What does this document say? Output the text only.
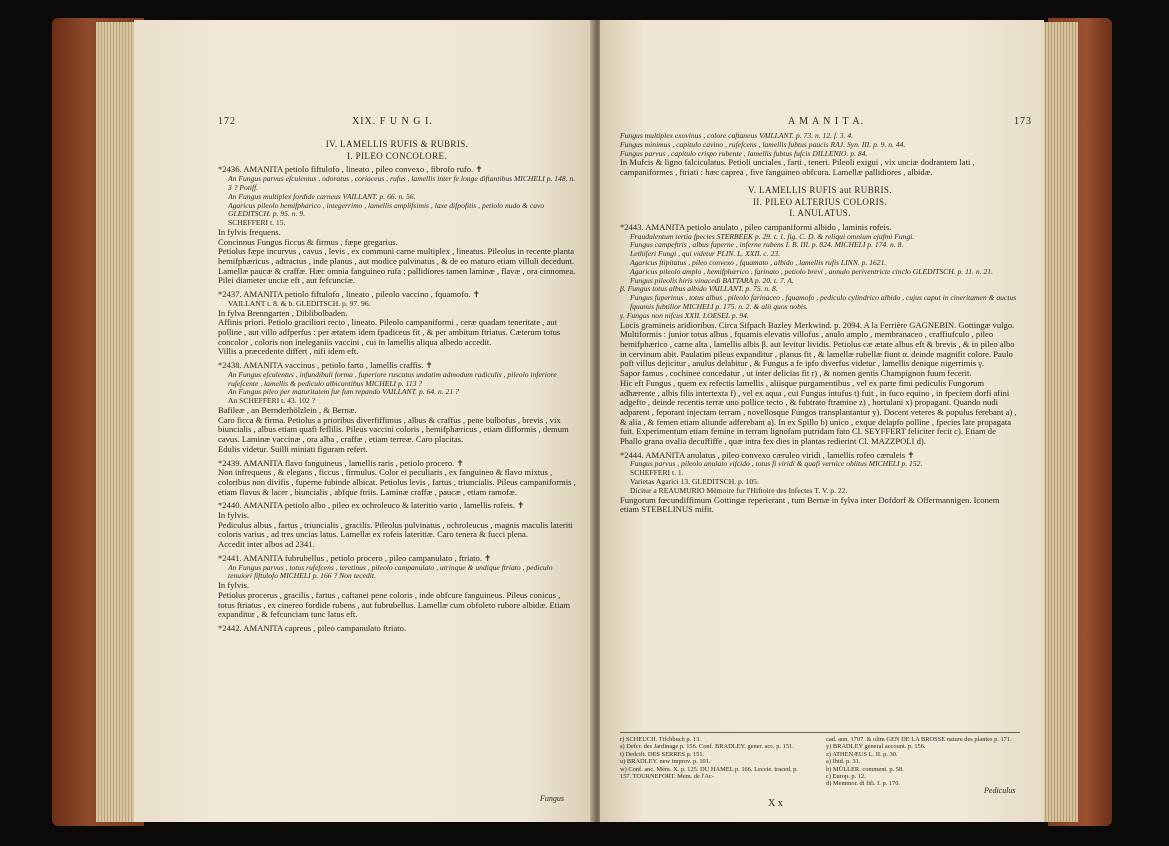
172	XIX. F U N G I.

IV. LAMELLIS RUFIS & RUBRIS.

I. PILEO CONCOLORE.

*2436. AMANITA petiolo fiftulofo , lineato , pileo convexo , fibrofo rufo. ✝

An Fungus parvus efculentus , odoratus , coriaceus , rufus , lamellis inter fe longe diftantibus MICHELI p. 148. n. 3 ? Potiff.

An Fungus multiplex fordide carneus VAILLANT. p. 66. n. 56.

Agaricus pileolo hemifpharico , integerrimo , lamellis amplifsimis , laxe difpofitis , petiolo nudo & cavo GLEDITSCH. p. 95. n. 9.

SCHEFFERI t. 15.

In fylvis frequens.

Concinnus Fungus ficcus & firmus , fæpe gregarius.

Petiolus fæpe incurvus , cavus , levis , ex communi carne multiplex , lineatus. Pileolus in recente planta hemifphæricus , adtractus , inde planus , aut modice pulvinatus , & de eo maturo etiam villuli decedunt. Lamellæ paucæ & craffæ. Hæc omnia fanguineo rufa ; pallidiores tamen laminæ , flavæ , ora cinnomea. Pilei diameter unciæ eft , aut fefcunciæ.

*2437. AMANITA petiolo fiftulofo , lineato , pileolo vaccino , fquamofo. ✝

VAILLANT t. 8. & b. GLEDITSCH. p. 97. 96.

In fylva Brenngarten , Diblibolbaden.

Affinis priori. Petiolo graciliori recto , lineato. Pileolo campaniformi , ceræ quadam teneritate , aut polline , aut villo adfperfus : per ætatem idem fpadiceus fit , & per ambitum ftriatus. Cæterum totus concolor , coloris non ineleganiis vaccini , cui in lamellis aliqua albedo accedit.

Villis a præcedente differt , nifi idem eft.

*2438. AMANITA vaccinus , petiolo farto , lamellis craffis. ✝

An Fungus efculentus , infundibuli forma , fuperiore ruscatus undatim admodum radiculis , pileolo inferiore rufefcente , lamellis & pediculo albicantibus MICHELI p. 113 ?

An Fungus pileo per maturitatem fur fum repando VAILLANT. p. 64. n. 21 ?

An SCHEFFERI t. 43. 102 ?

Bafileæ , an Bernderhölzlein , & Bernæ.

Caro ficca & firma. Petiolus a prioribus diverfiffimus , albus & craffus , pene bulbofus , brevis , vix biuncialis , albus etiam quafi feflilis. Pileus vaccini coloris , hemifphæricus , etiam difformis , demum cavus. Laminæ vaccinæ , ora alba , craffæ , etiam terreæ. Caro placitas.

Edulis videtur. Suilli miniati figuram refert.

*2439. AMANITA flavo fanguineus , lamellis raris , petiolo procero. ✝

Non infrequens , & elegans , ficcus , firmulus. Color ei peculiaris , ex fanguineo & flavo mixtus , coloribus non divifis , fuperne fubinde albicat. Petiolus levis , fartus , triuncialis. Pileus campaniformis , etiam flavus & lacer , biuncialis , abfque ftriis. Laminæ craffæ , paucæ , etiam ramofæ.

*2440. AMANITA petiolo albo , pileo ex ochroleuco & lateritio vario , lamellis rofeis. ✝

In fylvis.

Pediculus albus , fartus , triuncialis , gracilis. Pileolus pulvinatus , ochroleucus , magnis maculis lateriti coloris varius , ad tres uncias latus. Lamellæ ex rofeis lateritiæ. Caro tenera & fucci plena.

Accedit inter albos ad 2341.

*2441. AMANITA fubrubellus , petiolo procero , pileo campanulato , ftriato. ✝

An Fungus parvus , totus rufefcens , teretinus , pileolo campanulato , utrinque & undique ftriato , pediculo tenuiori fiftulofo MICHELI p. 166 ? Non tecedit.

In fylvis.

Petiolus procerus , gracilis , fartus , caftanei pene coloris , inde obfcure fanguineus. Pileus conicus , totus ftriatus , ex cinereo fordide rubens , aut fubrubellus. Lamellæ cum obfoleto rubore albidæ. Etiam expanditur , & fefcunciam tunc latus eft.

*2442. AMANITA capreus , pileo campanulato ftriato.

Fungus
A M A N I T A.	173

Fungus multiplex exovinus , colore caftaneus VAILLANT. p. 73. n. 12. f. 3. 4.

Fungus minimus , capitulo cavino , rufefcens , lamellis fubtus paucis RAJ. Syn. III. p. 9. n. 44.

Fungus parvus , capitulo crispo rubente , lamellis fubtus fufcis DILLENIO. p. 84.

In Mufcis & ligno falciculatus. Petioli unciales , farti , teneri. Pileoli exigui , vix unciæ dodrantem lati , campaniformes , ftriati : hæc caprea , five fanguineo obfcura. Lamellæ pallidiores , albidæ.

V. LAMELLIS RUFIS aut RUBRIS.

II. PILEO ALTERIUS COLORIS.

I. ANULATUS.

*2443. AMANITA petiolo anulato , pileo campaniformi albido , laminis rofeis.

Fraudulentum tertia fpecies STERBEEK p. 29. t. 1. fig. C. D. & reliqui omnium ejufmi Fungi.

Fungus campeftris , albus fuperne , inferne rubens I. B. III. p. 824. MICHELI p. 174. n. 8.

Lethiferi Fungi , qui videtur PLIN. L. XXII. c. 23.

Agaricus ftipitatus , pileo convexo , fquamato , albido , lamellis rufis LINN. p. 1621.

Agaricus pileolo amplo , hemifphærico , farinato , petiolo brevi , annulo periventricte cinclo GLEDITSCH. p. 11. n. 21.

Fungus pileolis hiris vinacedi BATTARA p. 20. t. 7. A.

β. Fungus totus albus albido VAILLANT. p. 75. n. 8.

Fungus fuperinus , totus albus , pileolo farinaceo , fquamofo , pediculo cylindrico albido , cujus caput in cineritamen & auctus fquamis fubtilior MICHELI p. 175. n. 2. & alii quos nobis.

γ. Fungus non nifcus XXII. LOESEL p. 94.

Locis gramineis aridioribus. Circa Sifpach Bazley Merkwind. p. 2094. A la Ferrière GAGNEBIN. Gottingæ vulgo.

Multiformis : junior totus albus , fquamis elevatis villofus , anulo amplo , membranaceo , craffiufculo , pileo hemifphærico , carne alta , lamellis albis β. aut levitur lividis. Petiolus cæ ætate albus eft & brevis , & in pileo albo in cervinum abit. Paulatim pileus expanditur , planus fit , & lamellæ rubellæ fiunt α. deinde magnifit colore. Paulo poft villus dejicitur , anulus delabitur , & Fungus a fe ipfo diverfus videtur , lamellis denique nigerrimis γ.

Sapor famus , cochinee concedatur , ut inter delicias fit r) , & nomen gentis Champignon fuum fecerit.

Hic eft Fungus , quem ex refectis lamellis , aliisque purgamentibus , vel ex parte fimi pediculis Fungorum adhærente , albis filis intertexta f) , vel ex aqua , cui Fungus intufus t) fuit , in fuco equino , in fpeciem dorfi afini adgefto , deinde recentis terræ uno pollice tecto , & fubtrato ftramine z) , hortulani x) propagant. Quando nudi adparent , feporant injectam terram , novellosque Fungos transplantantur y). Docent veteres & populus ferebant a) , & alia , & femen etiam aliunde adferebant a). In ex Spillo b) unico , exque delapfo polline , fpecies late propagata fuit. Experimentum etiam femine in terram lignofam putridam fato Cl. SEYFFERT feliciter fecit c). Etiam de Phallo grana ovalia decuffiffe , quæ intra fex dies in plantas redierint Cl. MAZZPOLI d).

*2444. AMANITA anulatus , pileo convexo cæruleo viridi , lamellis rofeo cæruleis ✝

Fungus parvus , pileolo anulato vifcido , totus fi viridi & quafi vernice oblitus MICHELI p. 152.

SCHEFFERI t. 1.

Varietas Agarici 13. GLEDITSCH. p. 105.

Dicitur a REAUMURIO Mémoire fur l'Hiftoire des Infectes T. V. p. 22.

Fungorum fœcundiffimum Gottingæ reperierant , tum Bernæ in fylva inter Dofdorf & Offermannigen. Iconem etiam STEBELINUS mifit.

Pediculus

r) SCHEUCH. Tifchbuch p. 13.

s) Defcr. des Jardinage p. 156. Conf. BRADLEY. gener. acc. p. 151.

t) Dedcift. DES SERRES p. 151.

u) BRADLEY. new improv. p. 101.

w) Conf. anc. Mém. X. p. 125. DU HAMEL p. 166. Leccie. traced. p. 157. TOURNEFORT. Mem. de l'Ac-

cad. ann. 1707. & olim GEN DE LA BROSSE nature des plantes p. 171.

y) BRADLEY general account. p. 156.

z) ATHENÆUS L. II. p. 30.

a) Ibid. p. 31.

b) MÜLLER. comment. p. 58.

c) Europ. p. 12.

d) Memmor. di fifi. I. p. 170.

X x
